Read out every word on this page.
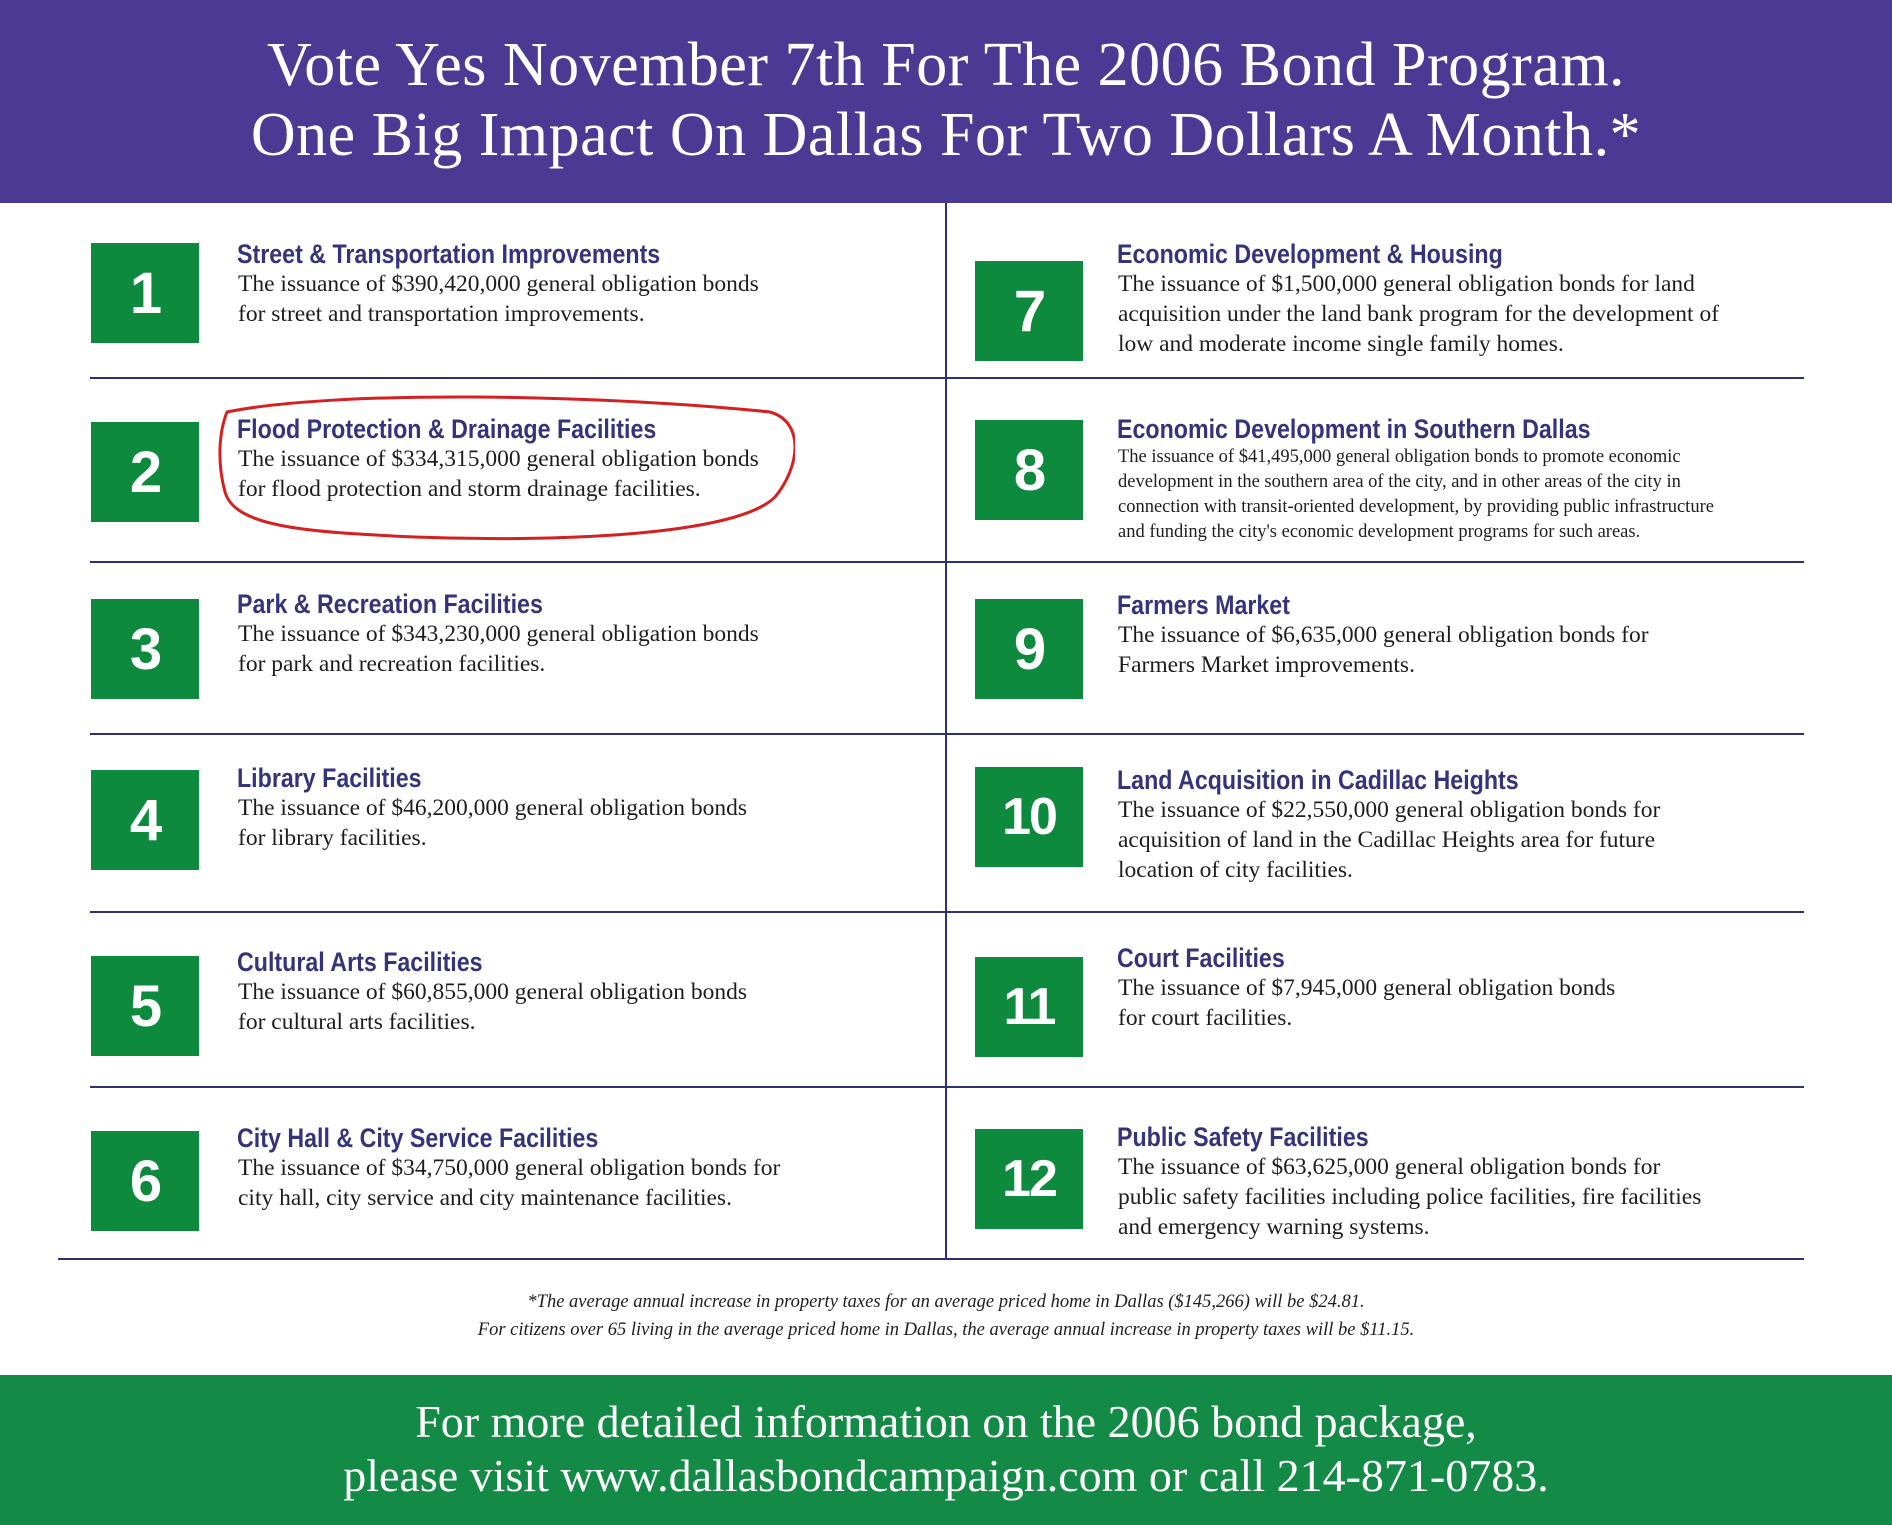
Vote Yes November 7th For The 2006 Bond Program.
One Big Impact On Dallas For Two Dollars A Month.*
1
Street & Transportation Improvements
The issuance of $390,420,000 general obligation bonds
for street and transportation improvements.
2
Flood Protection & Drainage Facilities
The issuance of $334,315,000 general obligation bonds
for flood protection and storm drainage facilities.
3
Park & Recreation Facilities
The issuance of $343,230,000 general obligation bonds
for park and recreation facilities.
4
Library Facilities
The issuance of $46,200,000 general obligation bonds
for library facilities.
5
Cultural Arts Facilities
The issuance of $60,855,000 general obligation bonds
for cultural arts facilities.
6
City Hall & City Service Facilities
The issuance of $34,750,000 general obligation bonds for
city hall, city service and city maintenance facilities.
7
Economic Development & Housing
The issuance of $1,500,000 general obligation bonds for land
acquisition under the land bank program for the development of
low and moderate income single family homes.
8
Economic Development in Southern Dallas
The issuance of $41,495,000 general obligation bonds to promote economic
development in the southern area of the city, and in other areas of the city in
connection with transit-oriented development, by providing public infrastructure
and funding the city's economic development programs for such areas.
9
Farmers Market
The issuance of $6,635,000 general obligation bonds for
Farmers Market improvements.
10
Land Acquisition in Cadillac Heights
The issuance of $22,550,000 general obligation bonds for
acquisition of land in the Cadillac Heights area for future
location of city facilities.
11
Court Facilities
The issuance of $7,945,000 general obligation bonds
for court facilities.
12
Public Safety Facilities
The issuance of $63,625,000 general obligation bonds for
public safety facilities including police facilities, fire facilities
and emergency warning systems.
*The average annual increase in property taxes for an average priced home in Dallas ($145,266) will be $24.81.
For citizens over 65 living in the average priced home in Dallas, the average annual increase in property taxes will be $11.15.
For more detailed information on the 2006 bond package,
please visit www.dallasbondcampaign.com or call 214-871-0783.
